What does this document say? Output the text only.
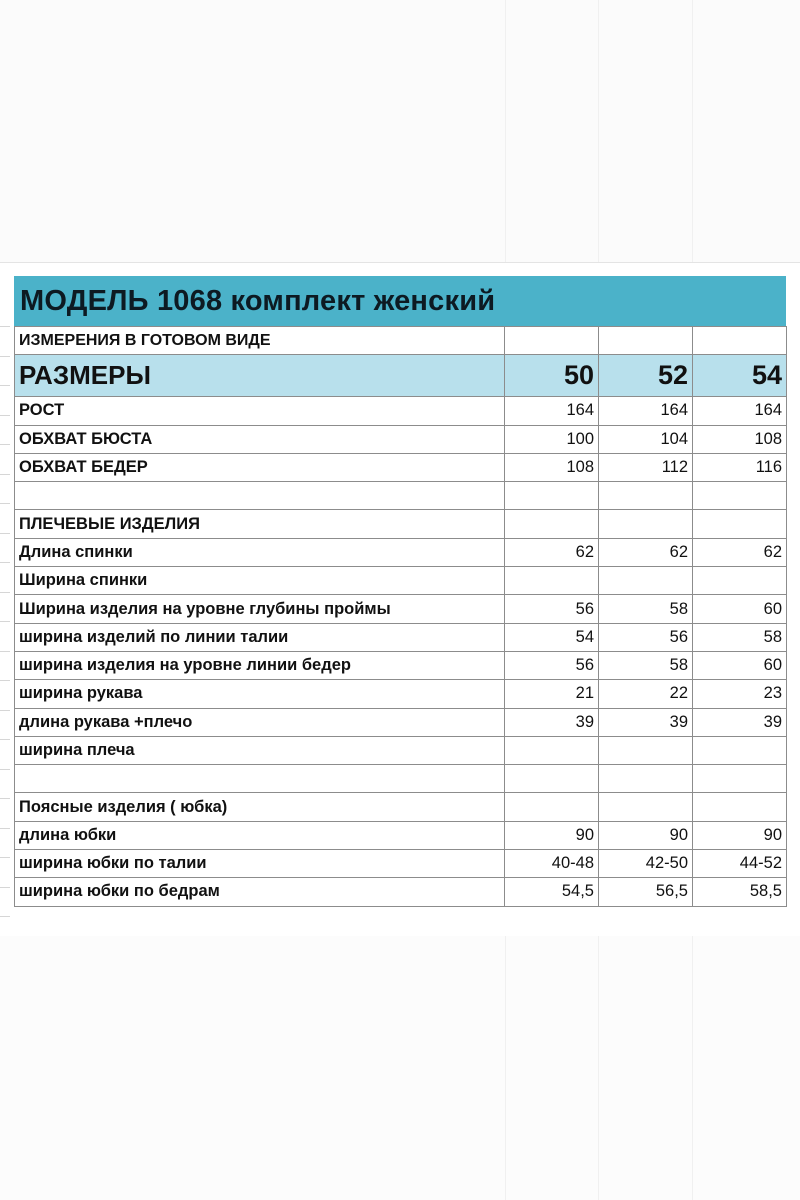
МОДЕЛЬ 1068 комплект женский
ИЗМЕРЕНИЯ В ГОТОВОМ ВИДЕ			
РАЗМЕРЫ	50	52	54
РОСТ	164	164	164
ОБХВАТ БЮСТА	100	104	108
ОБХВАТ БЕДЕР	108	112	116

ПЛЕЧЕВЫЕ ИЗДЕЛИЯ			
Длина спинки	62	62	62
Ширина спинки			
Ширина изделия на уровне глубины проймы	56	58	60
ширина изделий по линии талии	54	56	58
ширина изделия на уровне линии бедер	56	58	60
ширина рукава	21	22	23
длина рукава +плечо	39	39	39
ширина плеча			

Поясные изделия ( юбка)			
длина юбки	90	90	90
ширина юбки по талии	40-48	42-50	44-52
ширина юбки по бедрам	54,5	56,5	58,5
